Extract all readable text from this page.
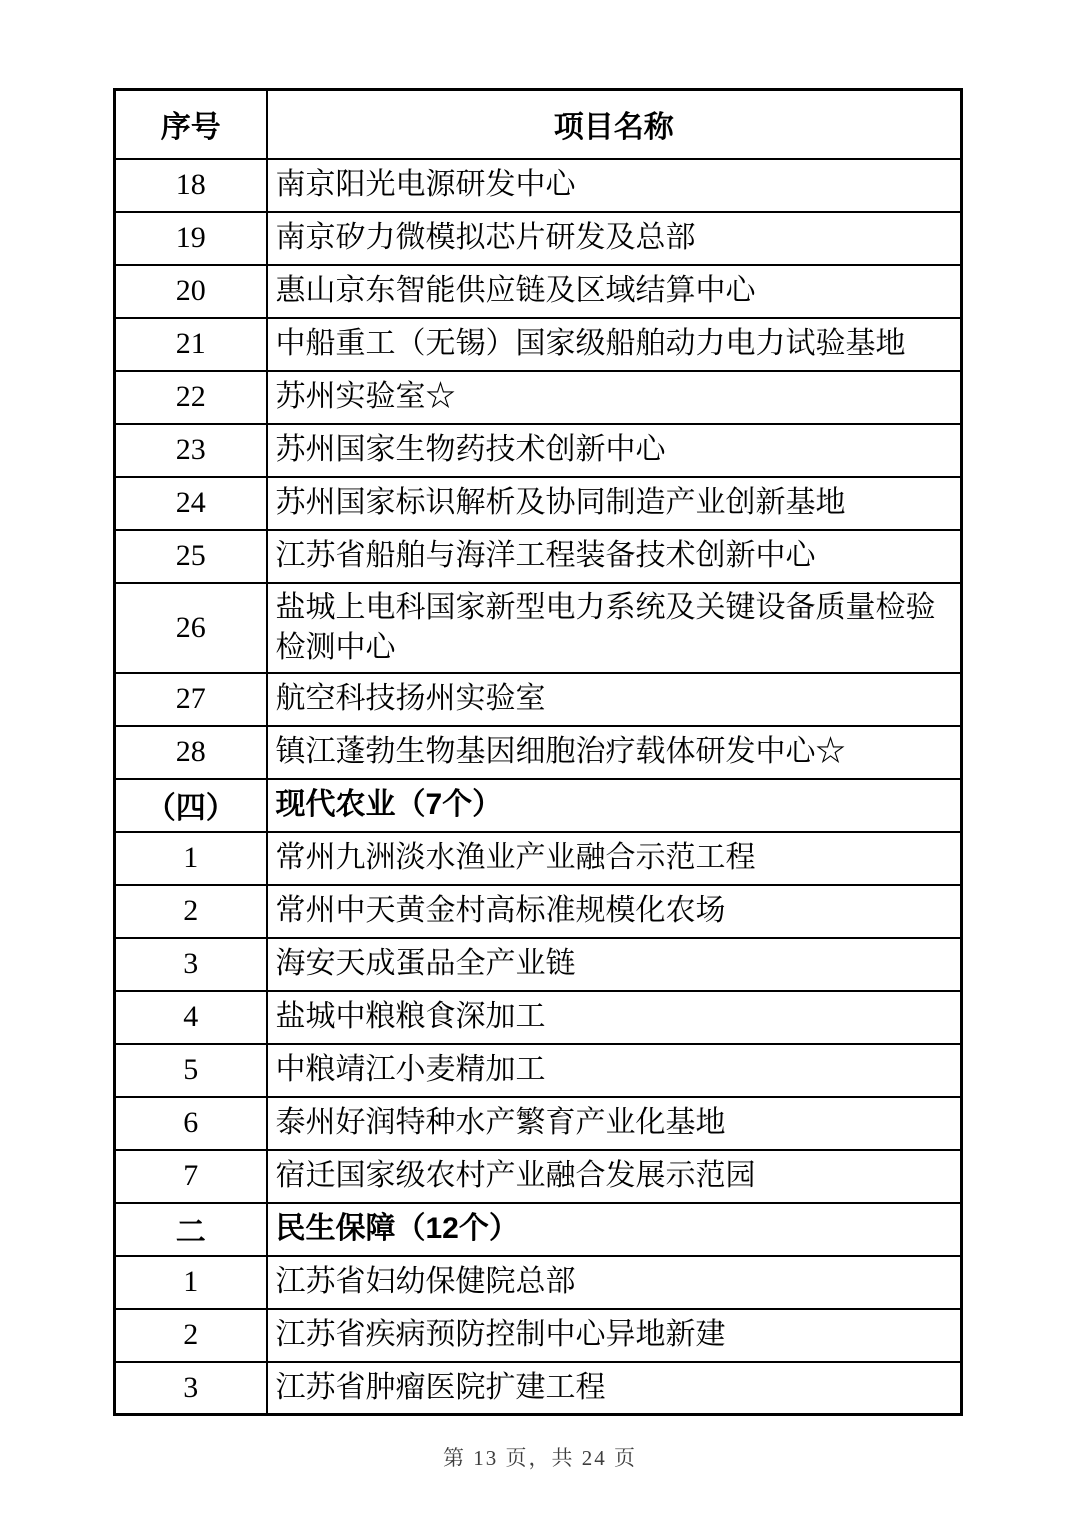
序号	项目名称
18	南京阳光电源研发中心
19	南京矽力微模拟芯片研发及总部
20	惠山京东智能供应链及区域结算中心
21	中船重工（无锡）国家级船舶动力电力试验基地
22	苏州实验室☆
23	苏州国家生物药技术创新中心
24	苏州国家标识解析及协同制造产业创新基地
25	江苏省船舶与海洋工程装备技术创新中心
26	盐城上电科国家新型电力系统及关键设备质量检验检测中心
27	航空科技扬州实验室
28	镇江蓬勃生物基因细胞治疗载体研发中心☆
（四）	现代农业（7个）
1	常州九洲淡水渔业产业融合示范工程
2	常州中天黄金村高标准规模化农场
3	海安天成蛋品全产业链
4	盐城中粮粮食深加工
5	中粮靖江小麦精加工
6	泰州好润特种水产繁育产业化基地
7	宿迁国家级农村产业融合发展示范园
二	民生保障（12个）
1	江苏省妇幼保健院总部
2	江苏省疾病预防控制中心异地新建
3	江苏省肿瘤医院扩建工程
第 13 页，共 24 页
